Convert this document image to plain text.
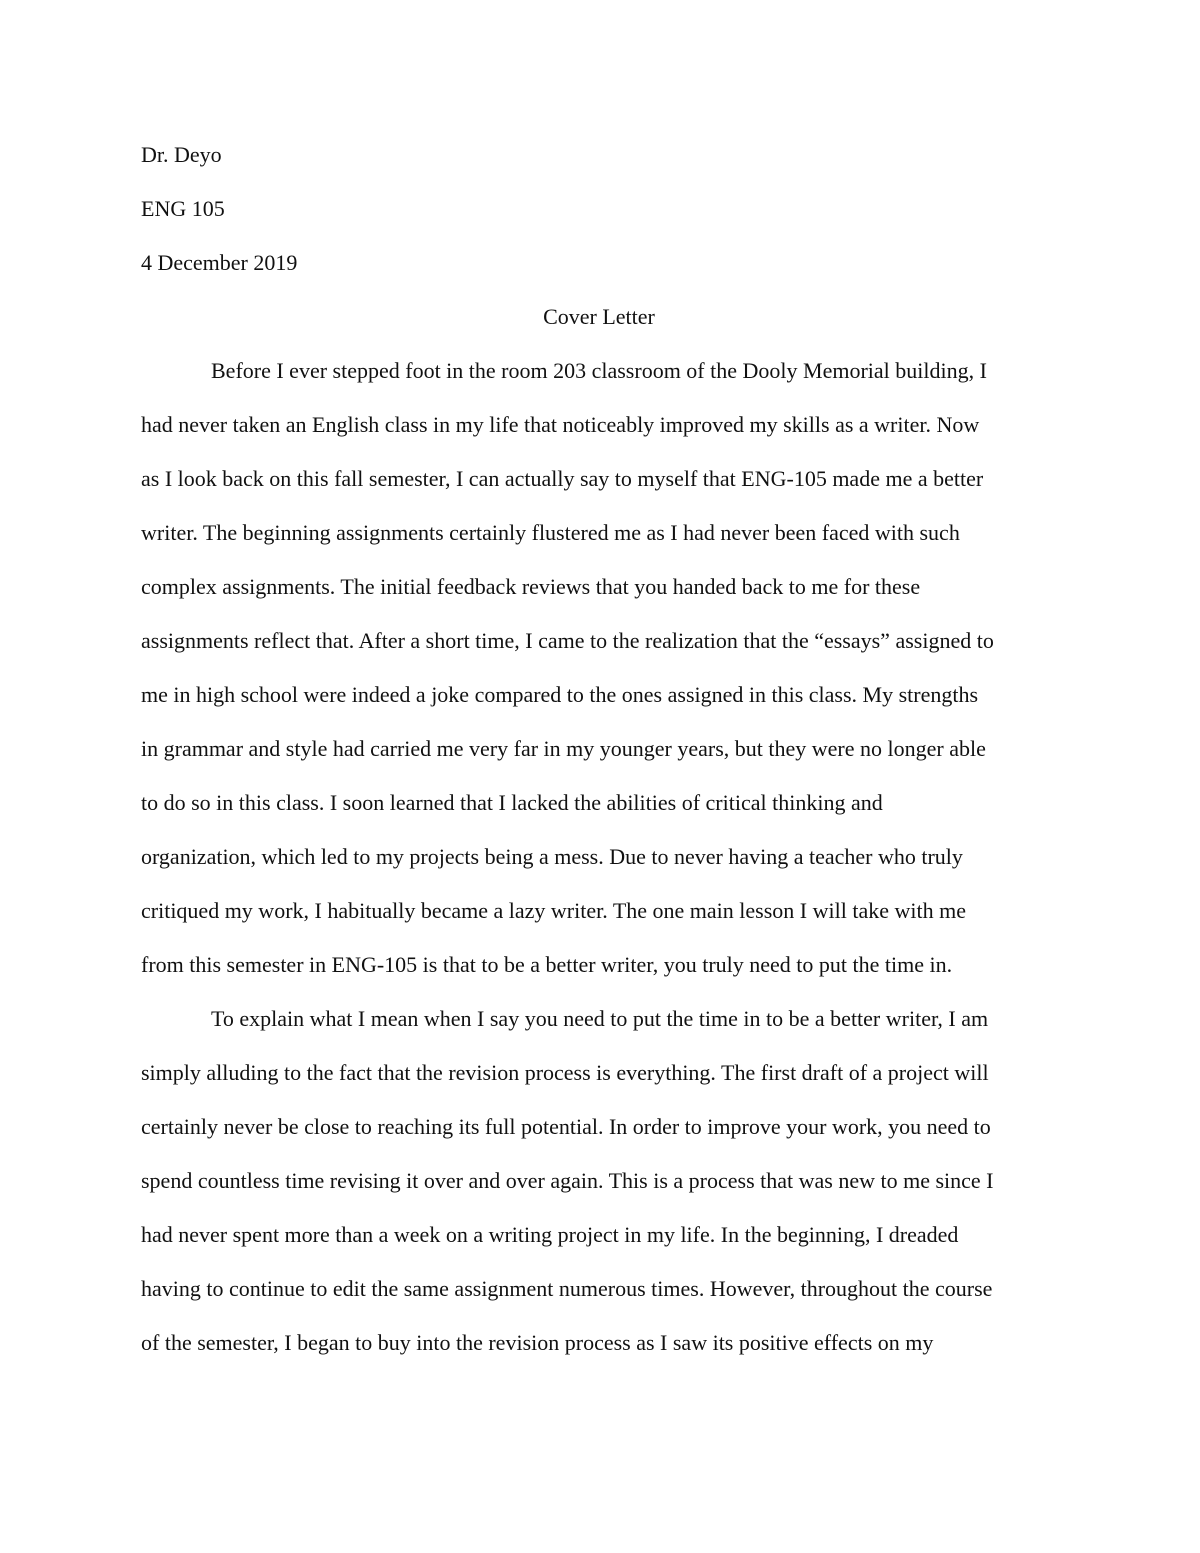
Dr. Deyo

ENG 105

4 December 2019

Cover Letter

Before I ever stepped foot in the room 203 classroom of the Dooly Memorial building, I
had never taken an English class in my life that noticeably improved my skills as a writer. Now
as I look back on this fall semester, I can actually say to myself that ENG-105 made me a better
writer. The beginning assignments certainly flustered me as I had never been faced with such
complex assignments. The initial feedback reviews that you handed back to me for these
assignments reflect that. After a short time, I came to the realization that the “essays” assigned to
me in high school were indeed a joke compared to the ones assigned in this class. My strengths
in grammar and style had carried me very far in my younger years, but they were no longer able
to do so in this class. I soon learned that I lacked the abilities of critical thinking and
organization, which led to my projects being a mess. Due to never having a teacher who truly
critiqued my work, I habitually became a lazy writer. The one main lesson I will take with me
from this semester in ENG-105 is that to be a better writer, you truly need to put the time in.

To explain what I mean when I say you need to put the time in to be a better writer, I am
simply alluding to the fact that the revision process is everything. The first draft of a project will
certainly never be close to reaching its full potential. In order to improve your work, you need to
spend countless time revising it over and over again. This is a process that was new to me since I
had never spent more than a week on a writing project in my life. In the beginning, I dreaded
having to continue to edit the same assignment numerous times. However, throughout the course
of the semester, I began to buy into the revision process as I saw its positive effects on my
